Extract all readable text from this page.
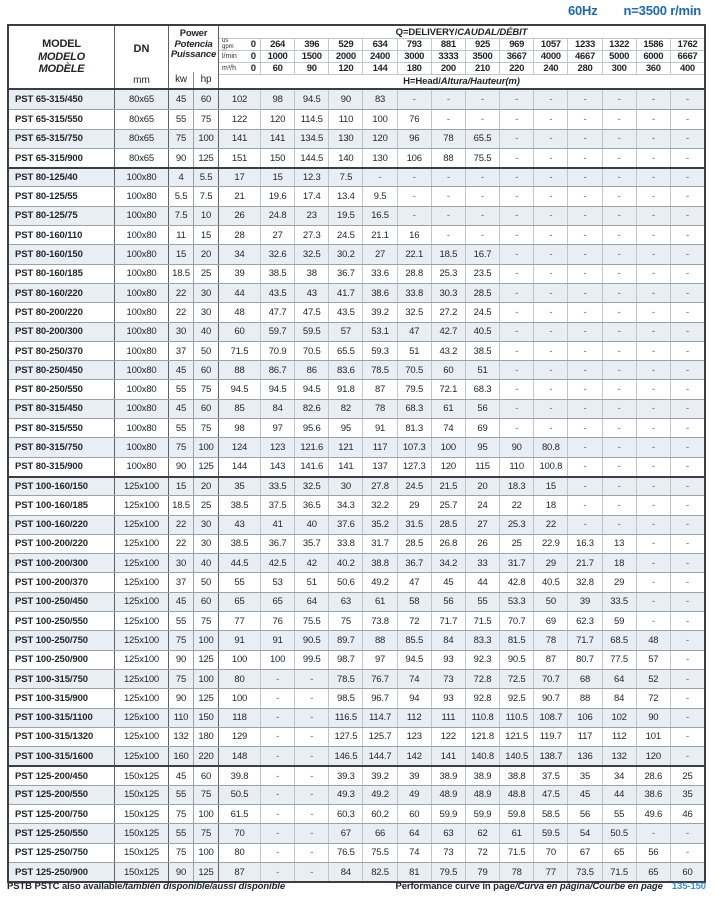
60Hz n=3500 r/min
MODEL
MODELO
MODÈLE
DN
mm
Power
Potencia
Puissance
kw	hp
Q=DELIVERY/ CAUDAL/DÉBIT
us
gpm 0	264	396	529	634	793	881	925	969	1057	1233	1322	1586	1762
l/min 0	1000	1500	2000	2400	3000	3333	3500	3667	4000	4667	5000	6000	6667
m³/h 0	60	90	120	144	180	200	210	220	240	280	300	360	400
H=Head/ Altura/Hauteur(m)
PST 65-315/450	80x65	45	60	102	98	94.5	90	83	-	-	-	-	-	-	-	-	-
PST 65-315/550	80x65	55	75	122	120	114.5	110	100	76	-	-	-	-	-	-	-	-
PST 65-315/750	80x65	75	100	141	141	134.5	130	120	96	78	65.5	-	-	-	-	-	-
PST 65-315/900	80x65	90	125	151	150	144.5	140	130	106	88	75.5	-	-	-	-	-	-
PST 80-125/40	100x80	4	5.5	17	15	12.3	7.5	-	-	-	-	-	-	-	-	-	-
PST 80-125/55	100x80	5.5	7.5	21	19.6	17.4	13.4	9.5	-	-	-	-	-	-	-	-	-
PST 80-125/75	100x80	7.5	10	26	24.8	23	19.5	16.5	-	-	-	-	-	-	-	-	-
PST 80-160/110	100x80	11	15	28	27	27.3	24.5	21.1	16	-	-	-	-	-	-	-	-
PST 80-160/150	100x80	15	20	34	32.6	32.5	30.2	27	22.1	18.5	16.7	-	-	-	-	-	-
PST 80-160/185	100x80	18.5	25	39	38.5	38	36.7	33.6	28.8	25.3	23.5	-	-	-	-	-	-
PST 80-160/220	100x80	22	30	44	43.5	43	41.7	38.6	33.8	30.3	28.5	-	-	-	-	-	-
PST 80-200/220	100x80	22	30	48	47.7	47.5	43.5	39.2	32.5	27.2	24.5	-	-	-	-	-	-
PST 80-200/300	100x80	30	40	60	59.7	59.5	57	53.1	47	42.7	40.5	-	-	-	-	-	-
PST 80-250/370	100x80	37	50	71.5	70.9	70.5	65.5	59.3	51	43.2	38.5	-	-	-	-	-	-
PST 80-250/450	100x80	45	60	88	86.7	86	83.6	78.5	70.5	60	51	-	-	-	-	-	-
PST 80-250/550	100x80	55	75	94.5	94.5	94.5	91.8	87	79.5	72.1	68.3	-	-	-	-	-	-
PST 80-315/450	100x80	45	60	85	84	82.6	82	78	68.3	61	56	-	-	-	-	-	-
PST 80-315/550	100x80	55	75	98	97	95.6	95	91	81.3	74	69	-	-	-	-	-	-
PST 80-315/750	100x80	75	100	124	123	121.6	121	117	107.3	100	95	90	80.8	-	-	-	-
PST 80-315/900	100x80	90	125	144	143	141.6	141	137	127.3	120	115	110	100.8	-	-	-	-
PST 100-160/150	125x100	15	20	35	33.5	32.5	30	27.8	24.5	21.5	20	18.3	15	-	-	-	-
PST 100-160/185	125x100	18.5	25	38.5	37.5	36.5	34.3	32.2	29	25.7	24	22	18	-	-	-	-
PST 100-160/220	125x100	22	30	43	41	40	37.6	35.2	31.5	28.5	27	25.3	22	-	-	-	-
PST 100-200/220	125x100	22	30	38.5	36.7	35.7	33.8	31.7	28.5	26.8	26	25	22.9	16.3	13	-	-
PST 100-200/300	125x100	30	40	44.5	42.5	42	40.2	38.8	36.7	34.2	33	31.7	29	21.7	18	-	-
PST 100-200/370	125x100	37	50	55	53	51	50.6	49.2	47	45	44	42.8	40.5	32.8	29	-	-
PST 100-250/450	125x100	45	60	65	65	64	63	61	58	56	55	53.3	50	39	33.5	-	-
PST 100-250/550	125x100	55	75	77	76	75.5	75	73.8	72	71.7	71.5	70.7	69	62.3	59	-	-
PST 100-250/750	125x100	75	100	91	91	90.5	89.7	88	85.5	84	83.3	81.5	78	71.7	68.5	48	-
PST 100-250/900	125x100	90	125	100	100	99.5	98.7	97	94.5	93	92.3	90.5	87	80.7	77.5	57	-
PST 100-315/750	125x100	75	100	80	-	-	78.5	76.7	74	73	72.8	72.5	70.7	68	64	52	-
PST 100-315/900	125x100	90	125	100	-	-	98.5	96.7	94	93	92.8	92.5	90.7	88	84	72	-
PST 100-315/1100	125x100	110	150	118	-	-	116.5	114.7	112	111	110.8	110.5	108.7	106	102	90	-
PST 100-315/1320	125x100	132	180	129	-	-	127.5	125.7	123	122	121.8	121.5	119.7	117	112	101	-
PST 100-315/1600	125x100	160	220	148	-	-	146.5	144.7	142	141	140.8	140.5	138.7	136	132	120	-
PST 125-200/450	150x125	45	60	39.8	-	-	39.3	39.2	39	38.9	38.9	38.8	37.5	35	34	28.6	25
PST 125-200/550	150x125	55	75	50.5	-	-	49.3	49.2	49	48.9	48.9	48.8	47.5	45	44	38.6	35
PST 125-200/750	150x125	75	100	61.5	-	-	60.3	60.2	60	59.9	59.9	59.8	58.5	56	55	49.6	46
PST 125-250/550	150x125	55	75	70	-	-	67	66	64	63	62	61	59.5	54	50.5	-	-
PST 125-250/750	150x125	75	100	80	-	-	76.5	75.5	74	73	72	71.5	70	67	65	56	-
PST 125-250/900	150x125	90	125	87	-	-	84	82.5	81	79.5	79	78	77	73.5	71.5	65	60
PSTB PSTC also available/también disponible/aussi disponible	Performance curve in page/Curva en página/Courbe en page 135-150
